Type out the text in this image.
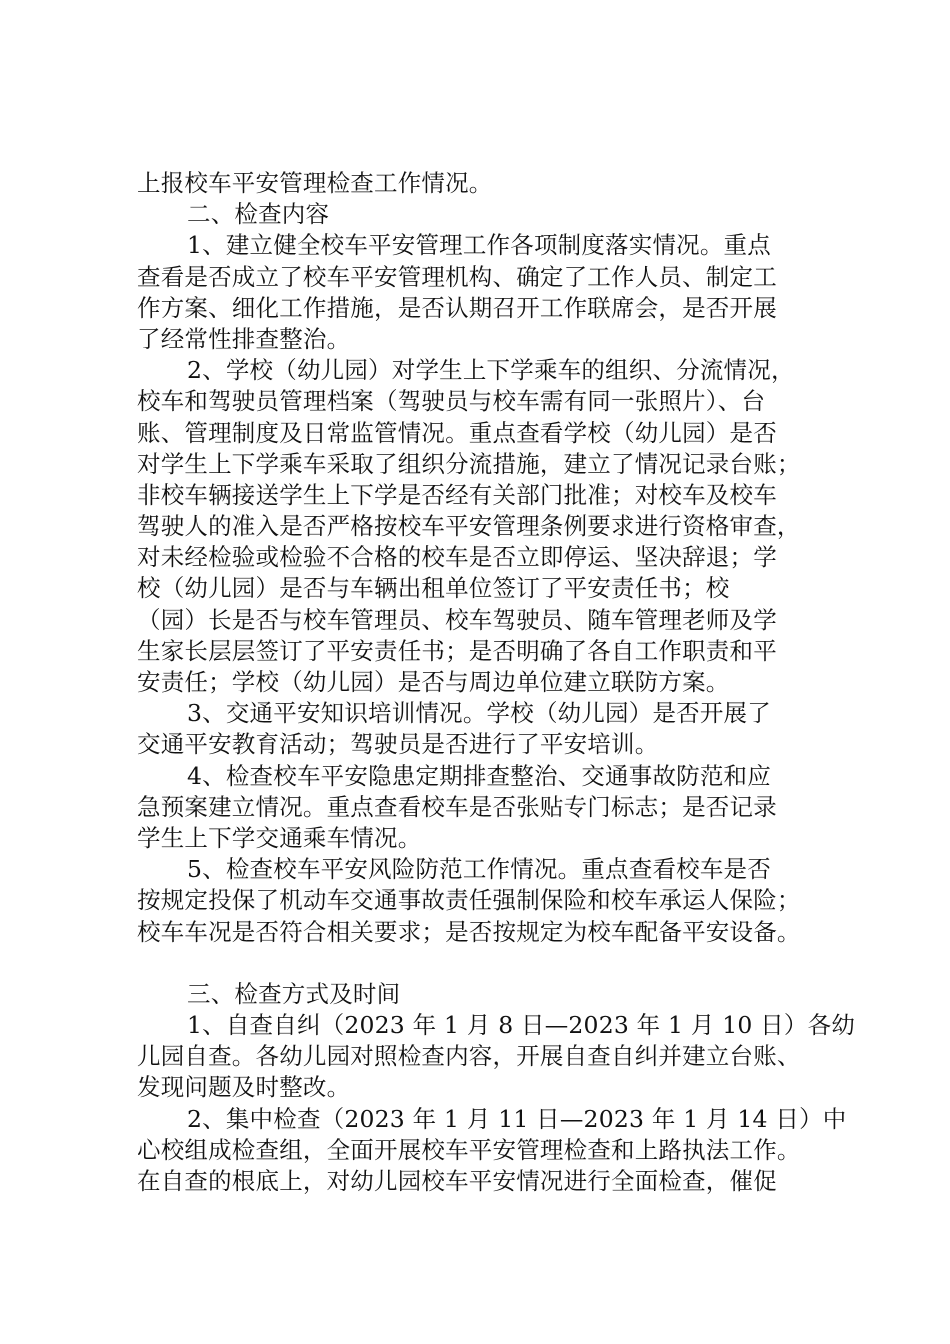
上报校车平安管理检查工作情况。
二、检查内容
1、建立健全校车平安管理工作各项制度落实情况。重点
查看是否成立了校车平安管理机构、确定了工作人员、制定工
作方案、细化工作措施，是否认期召开工作联席会，是否开展
了经常性排查整治。
2、学校（幼儿园）对学生上下学乘车的组织、分流情况，
校车和驾驶员管理档案（驾驶员与校车需有同一张照片）、台
账、管理制度及日常监管情况。重点查看学校（幼儿园）是否
对学生上下学乘车采取了组织分流措施，建立了情况记录台账；
非校车辆接送学生上下学是否经有关部门批准；对校车及校车
驾驶人的准入是否严格按校车平安管理条例要求进行资格审查，
对未经检验或检验不合格的校车是否立即停运、坚决辞退；学
校（幼儿园）是否与车辆出租单位签订了平安责任书；校
（园）长是否与校车管理员、校车驾驶员、随车管理老师及学
生家长层层签订了平安责任书；是否明确了各自工作职责和平
安责任；学校（幼儿园）是否与周边单位建立联防方案。
3、交通平安知识培训情况。学校（幼儿园）是否开展了
交通平安教育活动；驾驶员是否进行了平安培训。
4、检查校车平安隐患定期排查整治、交通事故防范和应
急预案建立情况。重点查看校车是否张贴专门标志；是否记录
学生上下学交通乘车情况。
5、检查校车平安风险防范工作情况。重点查看校车是否
按规定投保了机动车交通事故责任强制保险和校车承运人保险；
校车车况是否符合相关要求；是否按规定为校车配备平安设备。
三、检查方式及时间
1、自查自纠（2023 年 1 月 8 日—2023 年 1 月 10 日）各幼
儿园自查。各幼儿园对照检查内容，开展自查自纠并建立台账、
发现问题及时整改。
2、集中检查（2023 年 1 月 11 日—2023 年 1 月 14 日）中
心校组成检查组，全面开展校车平安管理检查和上路执法工作。
在自查的根底上，对幼儿园校车平安情况进行全面检查，催促
